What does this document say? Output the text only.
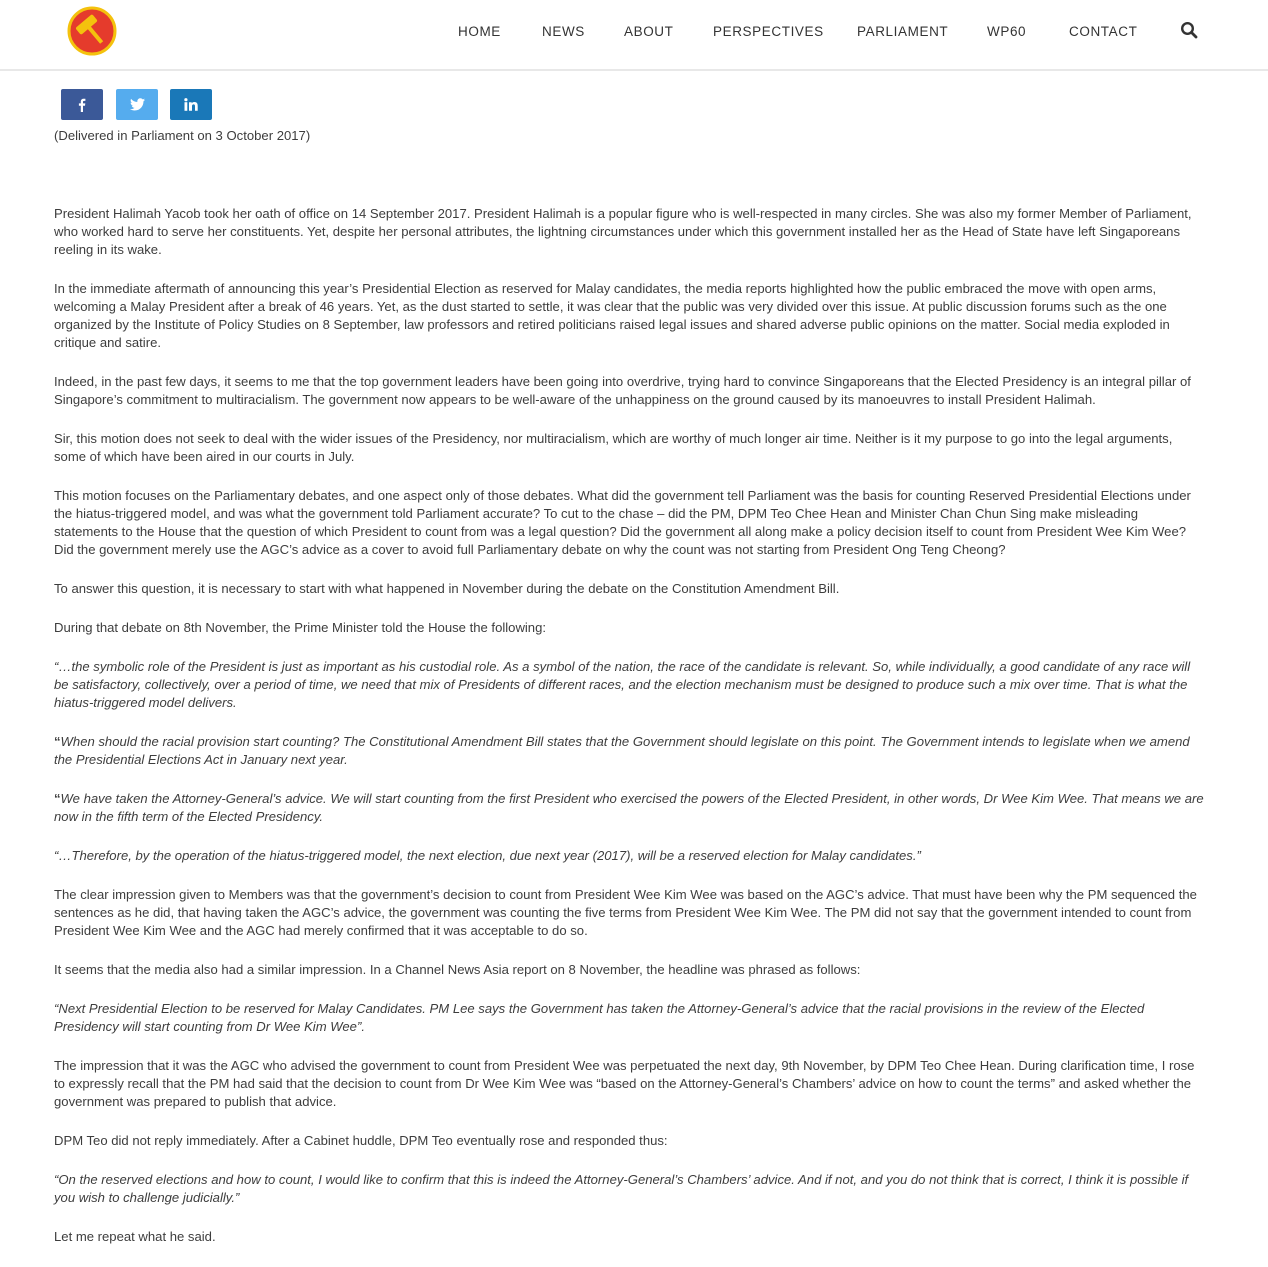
HOME	NEWS	ABOUT	PERSPECTIVES PARLIAMENT	WP60	CONTACT

(Delivered in Parliament on 3 October 2017)

President Halimah Yacob took her oath of office on 14 September 2017. President Halimah is a popular figure who is well-respected in many circles. She was also my former Member of Parliament, who worked hard to serve her constituents. Yet, despite her personal attributes, the lightning circumstances under which this government installed her as the Head of State have left Singaporeans reeling in its wake.

In the immediate aftermath of announcing this year’s Presidential Election as reserved for Malay candidates, the media reports highlighted how the public embraced the move with open arms, welcoming a Malay President after a break of 46 years. Yet, as the dust started to settle, it was clear that the public was very divided over this issue. At public discussion forums such as the one organized by the Institute of Policy Studies on 8 September, law professors and retired politicians raised legal issues and shared adverse public opinions on the matter. Social media exploded in critique and satire.

Indeed, in the past few days, it seems to me that the top government leaders have been going into overdrive, trying hard to convince Singaporeans that the Elected Presidency is an integral pillar of Singapore’s commitment to multiracialism. The government now appears to be well-aware of the unhappiness on the ground caused by its manoeuvres to install President Halimah.

Sir, this motion does not seek to deal with the wider issues of the Presidency, nor multiracialism, which are worthy of much longer air time. Neither is it my purpose to go into the legal arguments, some of which have been aired in our courts in July.

This motion focuses on the Parliamentary debates, and one aspect only of those debates. What did the government tell Parliament was the basis for counting Reserved Presidential Elections under the hiatus-triggered model, and was what the government told Parliament accurate? To cut to the chase – did the PM, DPM Teo Chee Hean and Minister Chan Chun Sing make misleading statements to the House that the question of which President to count from was a legal question? Did the government all along make a policy decision itself to count from President Wee Kim Wee? Did the government merely use the AGC’s advice as a cover to avoid full Parliamentary debate on why the count was not starting from President Ong Teng Cheong?

To answer this question, it is necessary to start with what happened in November during the debate on the Constitution Amendment Bill.

During that debate on 8th November, the Prime Minister told the House the following:

“…the symbolic role of the President is just as important as his custodial role. As a symbol of the nation, the race of the candidate is relevant. So, while individually, a good candidate of any race will be satisfactory, collectively, over a period of time, we need that mix of Presidents of different races, and the election mechanism must be designed to produce such a mix over time. That is what the hiatus-triggered model delivers.

“When should the racial provision start counting? The Constitutional Amendment Bill states that the Government should legislate on this point. The Government intends to legislate when we amend the Presidential Elections Act in January next year.

“We have taken the Attorney-General’s advice. We will start counting from the first President who exercised the powers of the Elected President, in other words, Dr Wee Kim Wee. That means we are now in the fifth term of the Elected Presidency.

“…Therefore, by the operation of the hiatus-triggered model, the next election, due next year (2017), will be a reserved election for Malay candidates.”

The clear impression given to Members was that the government’s decision to count from President Wee Kim Wee was based on the AGC’s advice. That must have been why the PM sequenced the sentences as he did, that having taken the AGC’s advice, the government was counting the five terms from President Wee Kim Wee. The PM did not say that the government intended to count from President Wee Kim Wee and the AGC had merely confirmed that it was acceptable to do so.

It seems that the media also had a similar impression. In a Channel News Asia report on 8 November, the headline was phrased as follows:

“Next Presidential Election to be reserved for Malay Candidates. PM Lee says the Government has taken the Attorney-General’s advice that the racial provisions in the review of the Elected Presidency will start counting from Dr Wee Kim Wee”.

The impression that it was the AGC who advised the government to count from President Wee was perpetuated the next day, 9th November, by DPM Teo Chee Hean. During clarification time, I rose to expressly recall that the PM had said that the decision to count from Dr Wee Kim Wee was “based on the Attorney-General’s Chambers’ advice on how to count the terms” and asked whether the government was prepared to publish that advice.

DPM Teo did not reply immediately. After a Cabinet huddle, DPM Teo eventually rose and responded thus:

“On the reserved elections and how to count, I would like to confirm that this is indeed the Attorney-General’s Chambers’ advice. And if not, and you do not think that is correct, I think it is possible if you wish to challenge judicially.”

Let me repeat what he said.
